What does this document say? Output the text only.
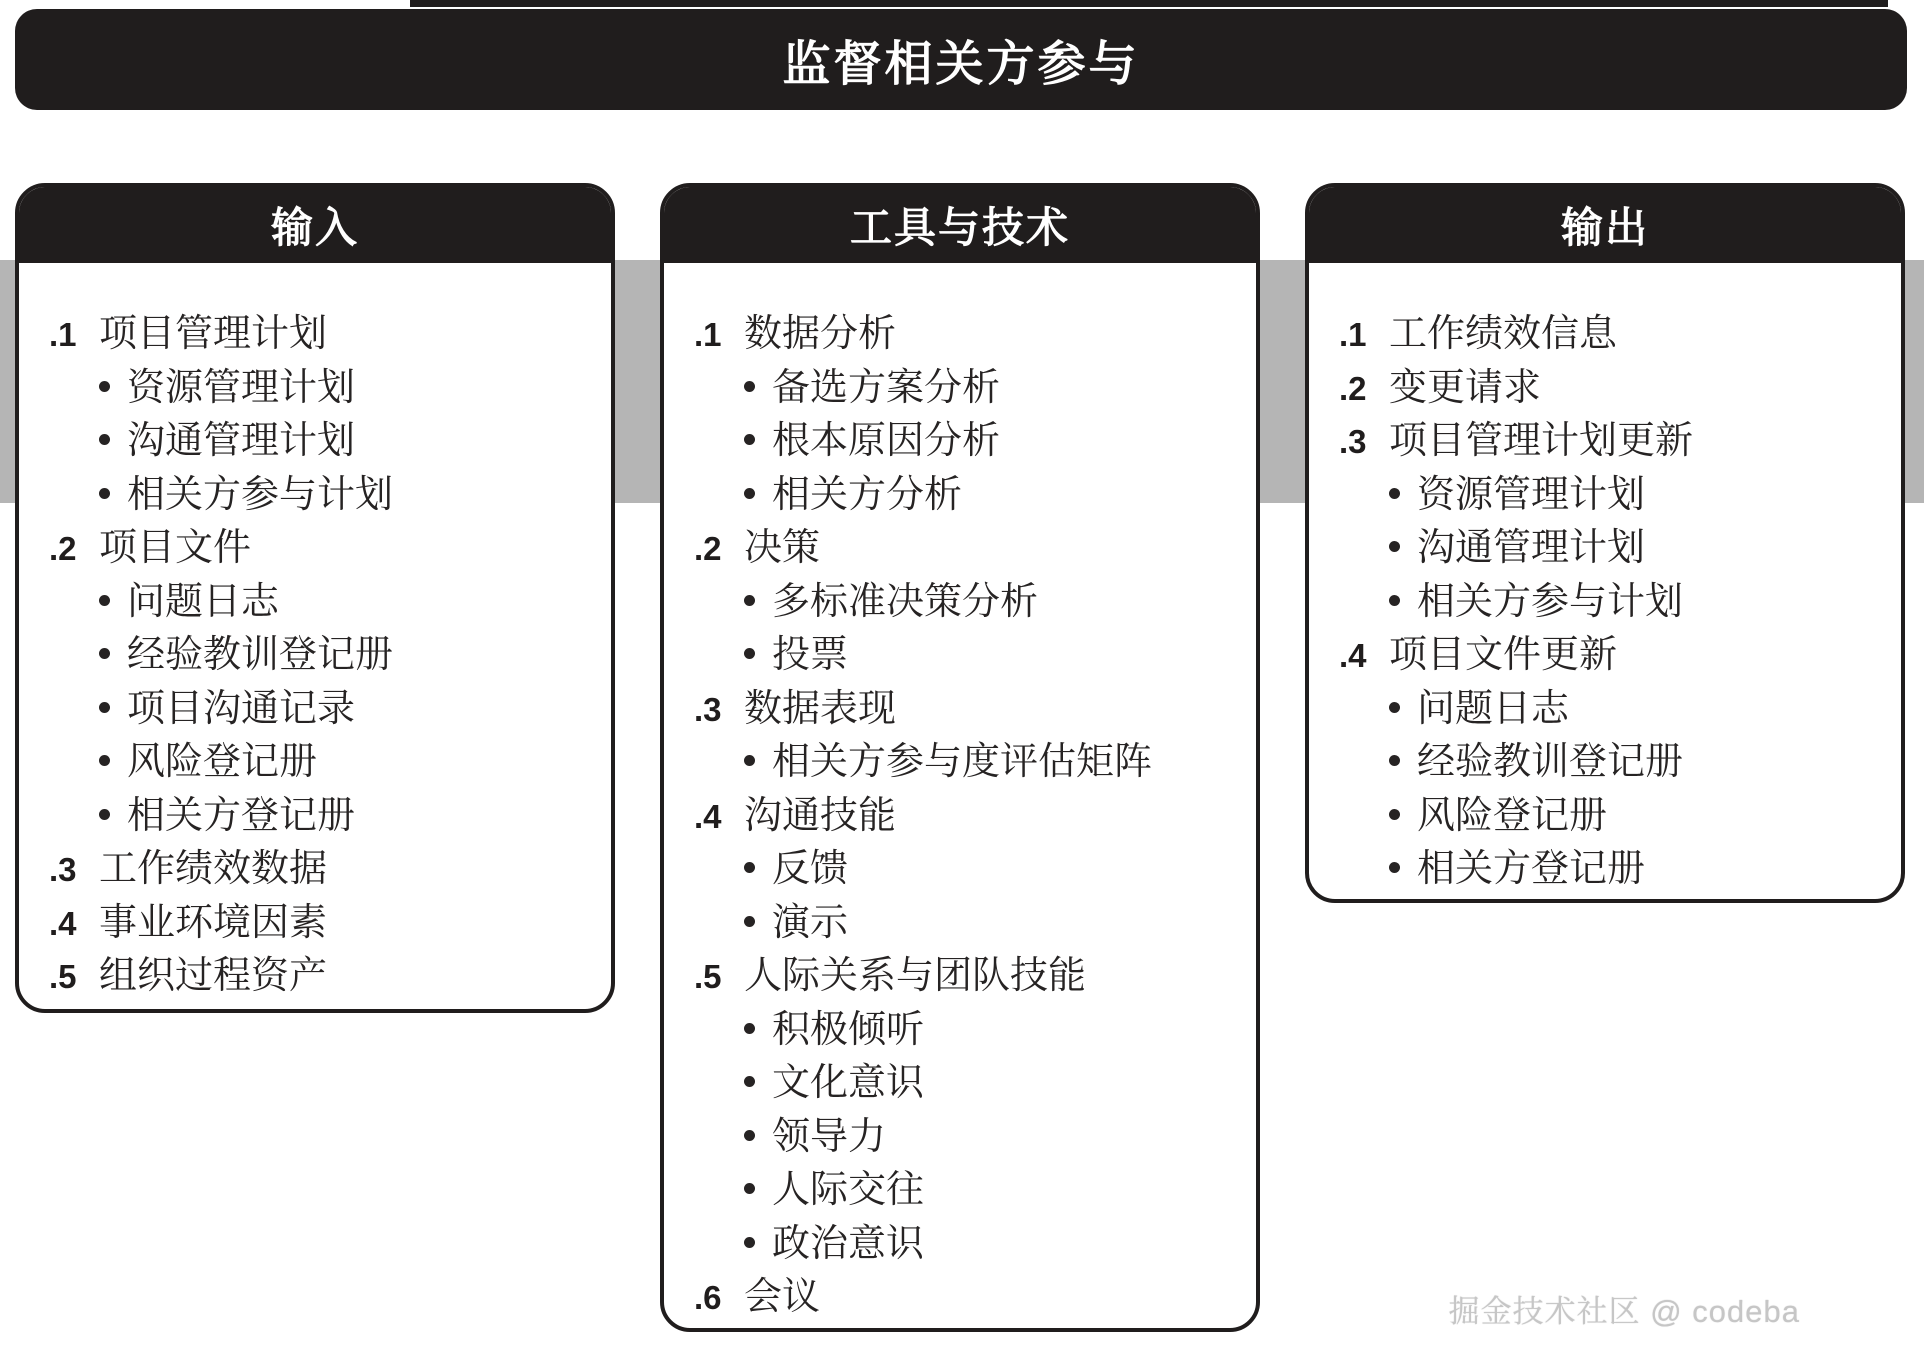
监督相关方参与
输入
.1 项目管理计划
资源管理计划
沟通管理计划
相关方参与计划
.2 项目文件
问题日志
经验教训登记册
项目沟通记录
风险登记册
相关方登记册
.3 工作绩效数据
.4 事业环境因素
.5 组织过程资产
工具与技术
.1 数据分析
备选方案分析
根本原因分析
相关方分析
.2 决策
多标准决策分析
投票
.3 数据表现
相关方参与度评估矩阵
.4 沟通技能
反馈
演示
.5 人际关系与团队技能
积极倾听
文化意识
领导力
人际交往
政治意识
.6 会议
输出
.1 工作绩效信息
.2 变更请求
.3 项目管理计划更新
资源管理计划
沟通管理计划
相关方参与计划
.4 项目文件更新
问题日志
经验教训登记册
风险登记册
相关方登记册
掘金技术社区 @ codeba
